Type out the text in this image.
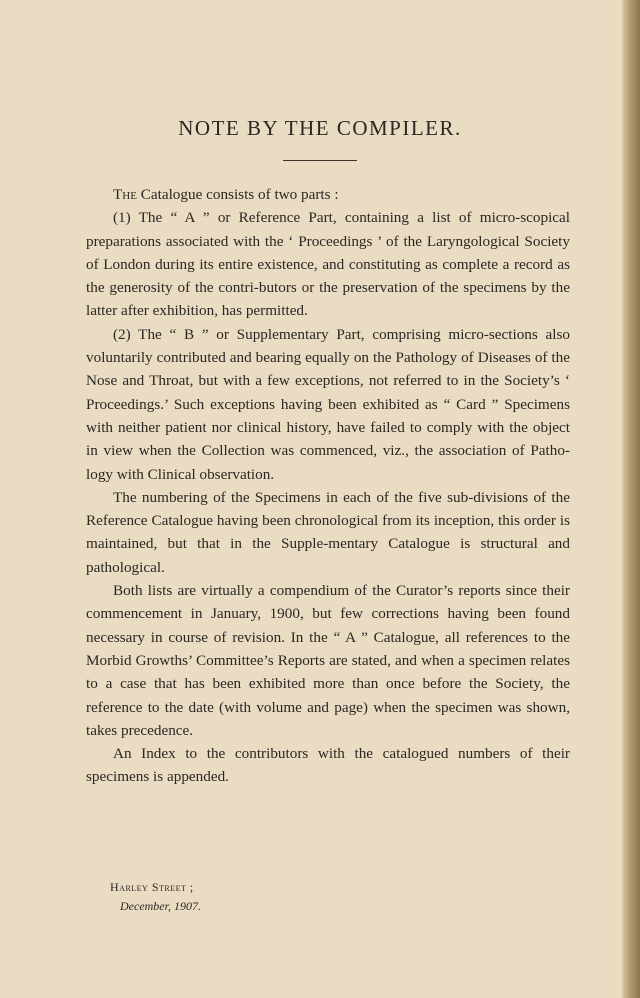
NOTE BY THE COMPILER.

The Catalogue consists of two parts :

(1) The “ A ” or Reference Part, containing a list of micro-scopical preparations associated with the ‘ Proceedings ’ of the Laryngological Society of London during its entire existence, and constituting as complete a record as the generosity of the contri-butors or the preservation of the specimens by the latter after exhibition, has permitted.

(2) The “ B ” or Supplementary Part, comprising micro-sections also voluntarily contributed and bearing equally on the Pathology of Diseases of the Nose and Throat, but with a few exceptions, not referred to in the Society’s ‘ Proceedings.’ Such exceptions having been exhibited as “ Card ” Specimens with neither patient nor clinical history, have failed to comply with the object in view when the Collection was commenced, viz., the association of Patho-logy with Clinical observation.

The numbering of the Specimens in each of the five sub-divisions of the Reference Catalogue having been chronological from its inception, this order is maintained, but that in the Supple-mentary Catalogue is structural and pathological.

Both lists are virtually a compendium of the Curator’s reports since their commencement in January, 1900, but few corrections having been found necessary in course of revision. In the “ A ” Catalogue, all references to the Morbid Growths’ Committee’s Reports are stated, and when a specimen relates to a case that has been exhibited more than once before the Society, the reference to the date (with volume and page) when the specimen was shown, takes precedence.

An Index to the contributors with the catalogued numbers of their specimens is appended.

Harley Street ;
December, 1907.
